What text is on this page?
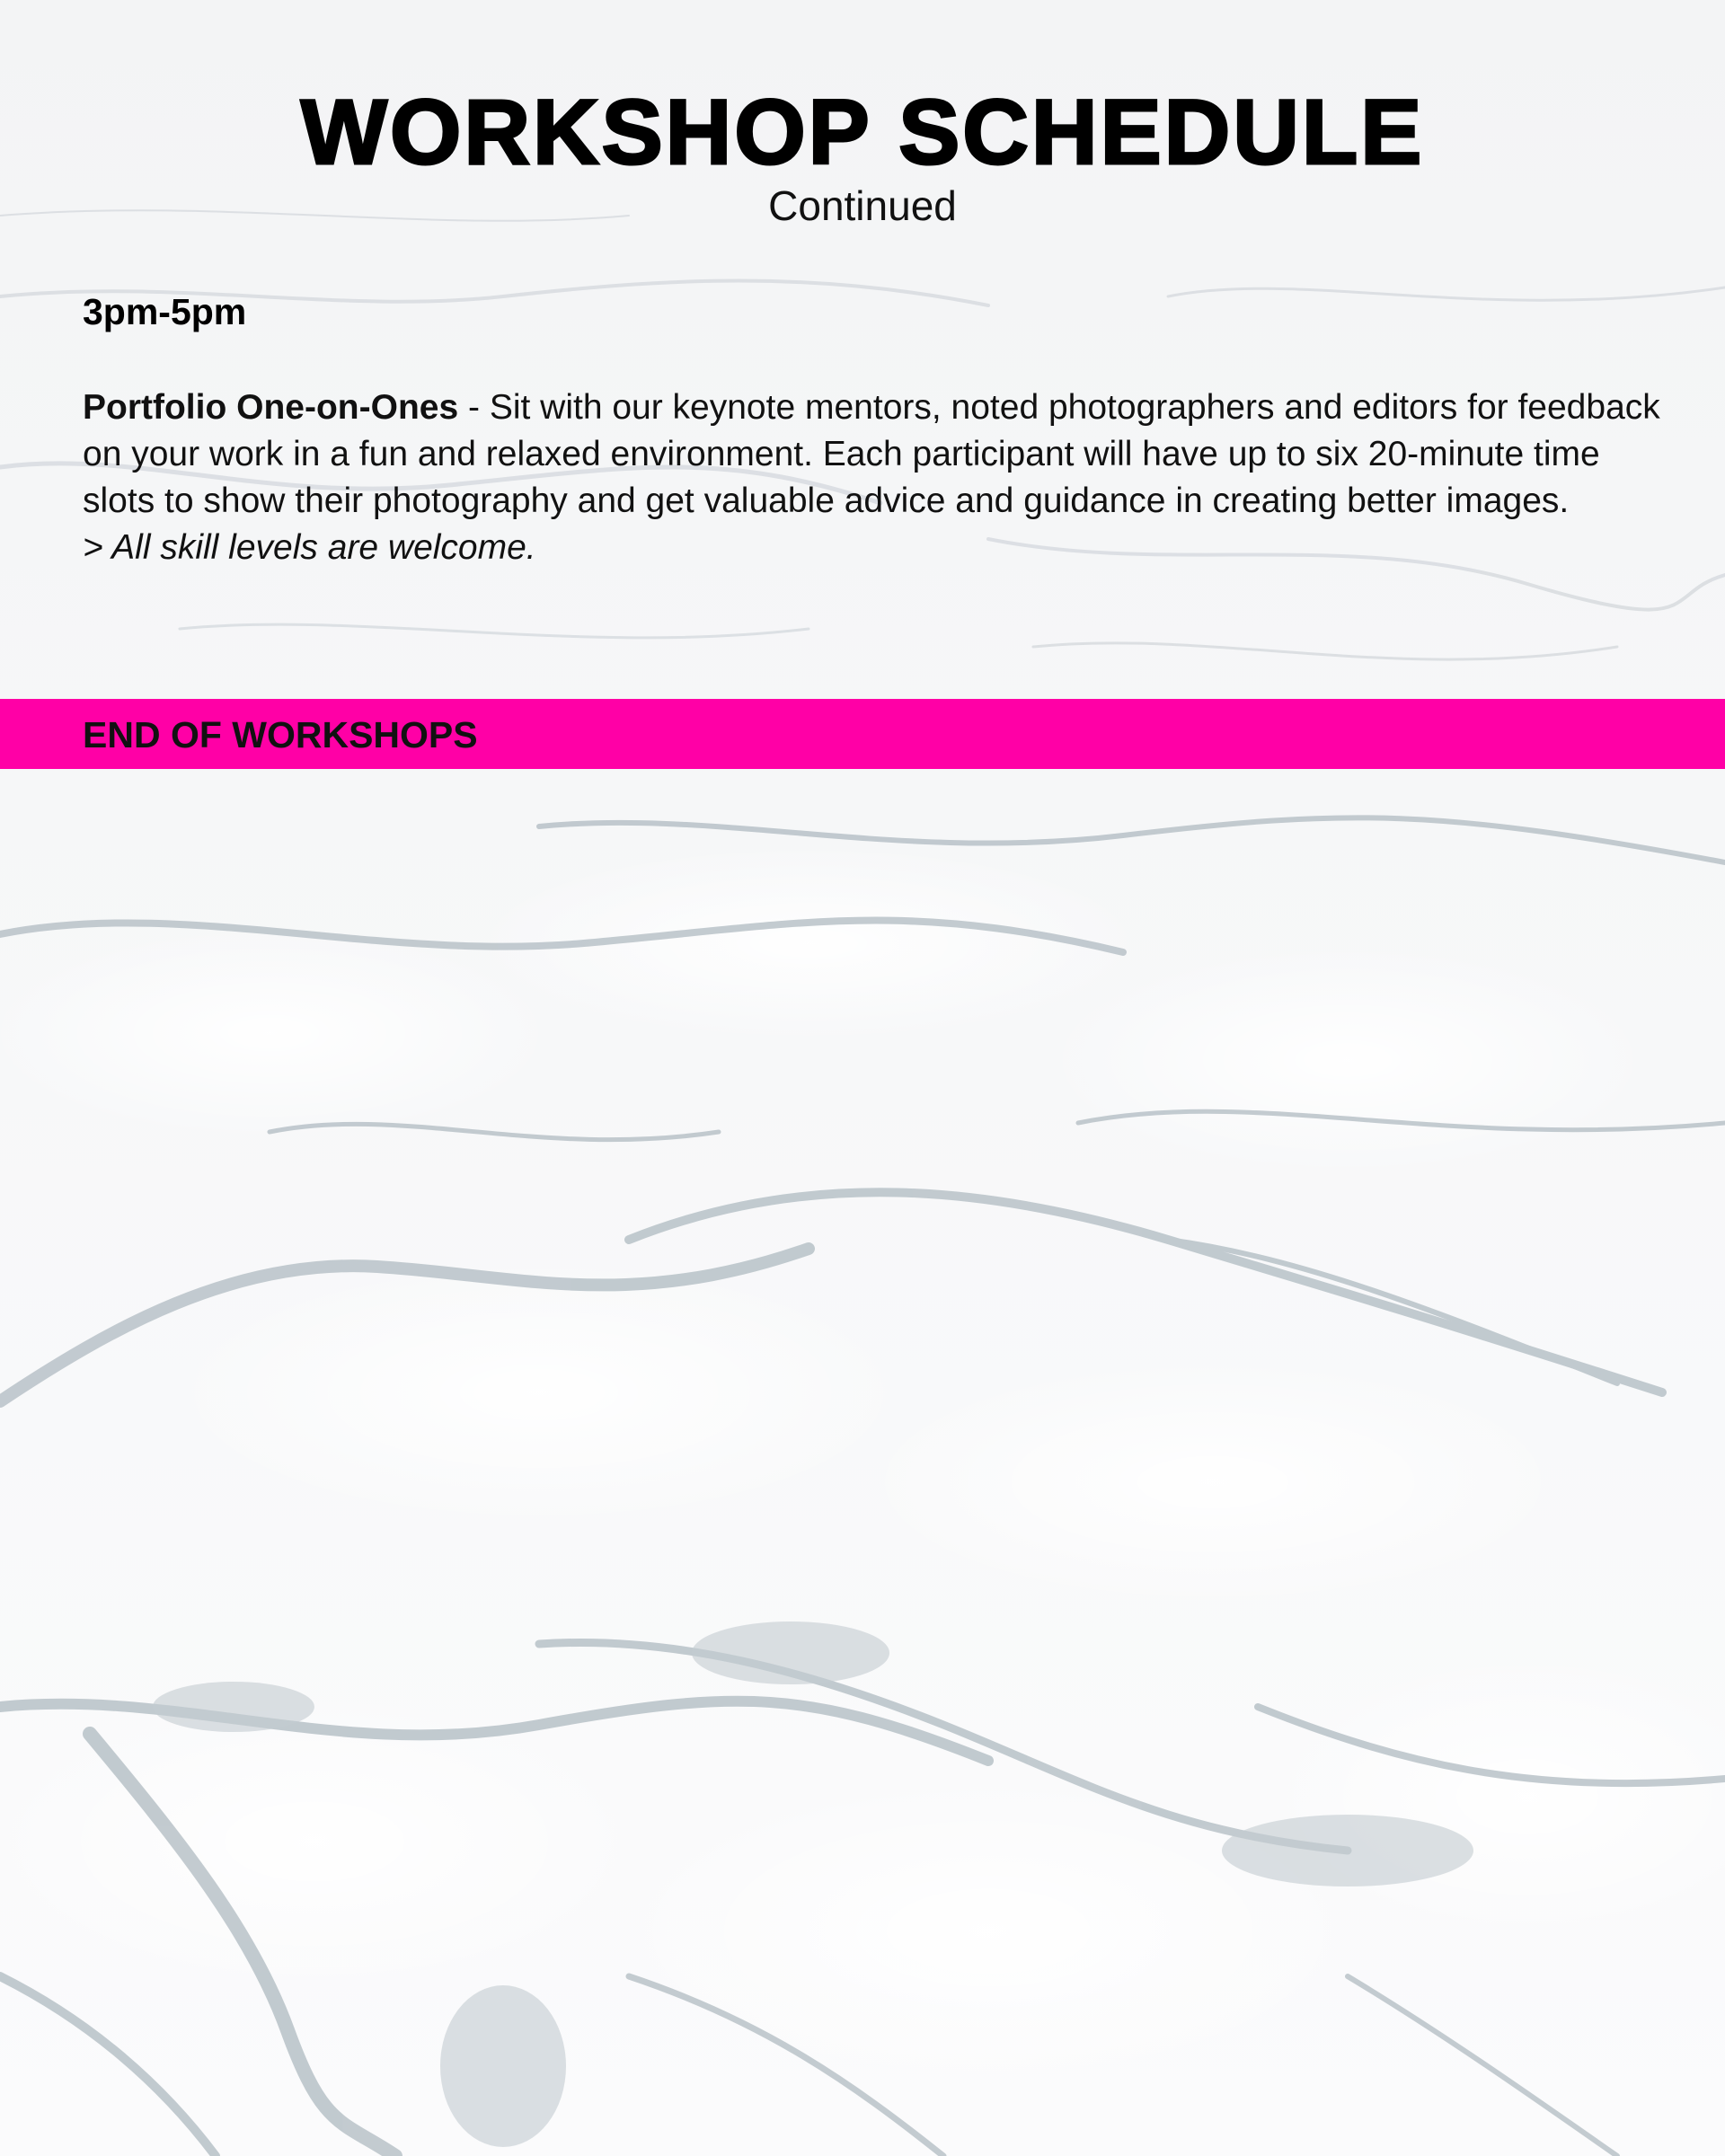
WORKSHOP SCHEDULE
Continued
3pm-5pm
Portfolio One-on-Ones - Sit with our keynote mentors, noted photographers and editors for feedback on your work in a fun and relaxed environment. Each participant will have up to six 20-minute time slots to show their photography and get valuable advice and guidance in creating better images.
> All skill levels are welcome.
END OF WORKSHOPS
